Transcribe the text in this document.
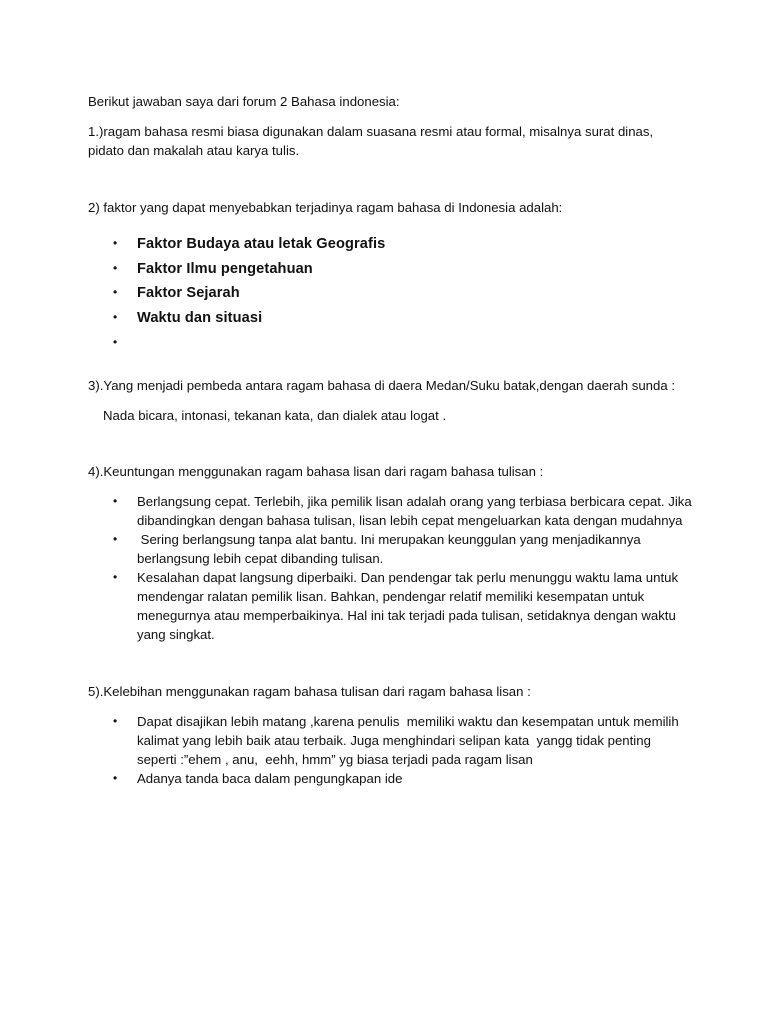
Berikut jawaban saya dari forum 2 Bahasa indonesia:

1.)ragam bahasa resmi biasa digunakan dalam suasana resmi atau formal, misalnya surat dinas,

pidato dan makalah atau karya tulis.

2) faktor yang dapat menyebabkan terjadinya ragam bahasa di Indonesia adalah:

• Faktor Budaya atau letak Geografis
• Faktor Ilmu pengetahuan
• Faktor Sejarah
• Waktu dan situasi
•

3).Yang menjadi pembeda antara ragam bahasa di daera Medan/Suku batak,dengan daerah sunda :

Nada bicara, intonasi, tekanan kata, dan dialek atau logat .

4).Keuntungan menggunakan ragam bahasa lisan dari ragam bahasa tulisan :

• Berlangsung cepat. Terlebih, jika pemilik lisan adalah orang yang terbiasa berbicara cepat. Jika
dibandingkan dengan bahasa tulisan, lisan lebih cepat mengeluarkan kata dengan mudahnya
• Sering berlangsung tanpa alat bantu. Ini merupakan keunggulan yang menjadikannya
berlangsung lebih cepat dibanding tulisan.
• Kesalahan dapat langsung diperbaiki. Dan pendengar tak perlu menunggu waktu lama untuk
mendengar ralatan pemilik lisan. Bahkan, pendengar relatif memiliki kesempatan untuk
menegurnya atau memperbaikinya. Hal ini tak terjadi pada tulisan, setidaknya dengan waktu
yang singkat.

5).Kelebihan menggunakan ragam bahasa tulisan dari ragam bahasa lisan :

• Dapat disajikan lebih matang ,karena penulis  memiliki waktu dan kesempatan untuk memilih
kalimat yang lebih baik atau terbaik. Juga menghindari selipan kata  yangg tidak penting
seperti :”ehem , anu,  eehh, hmm” yg biasa terjadi pada ragam lisan
• Adanya tanda baca dalam pengungkapan ide
